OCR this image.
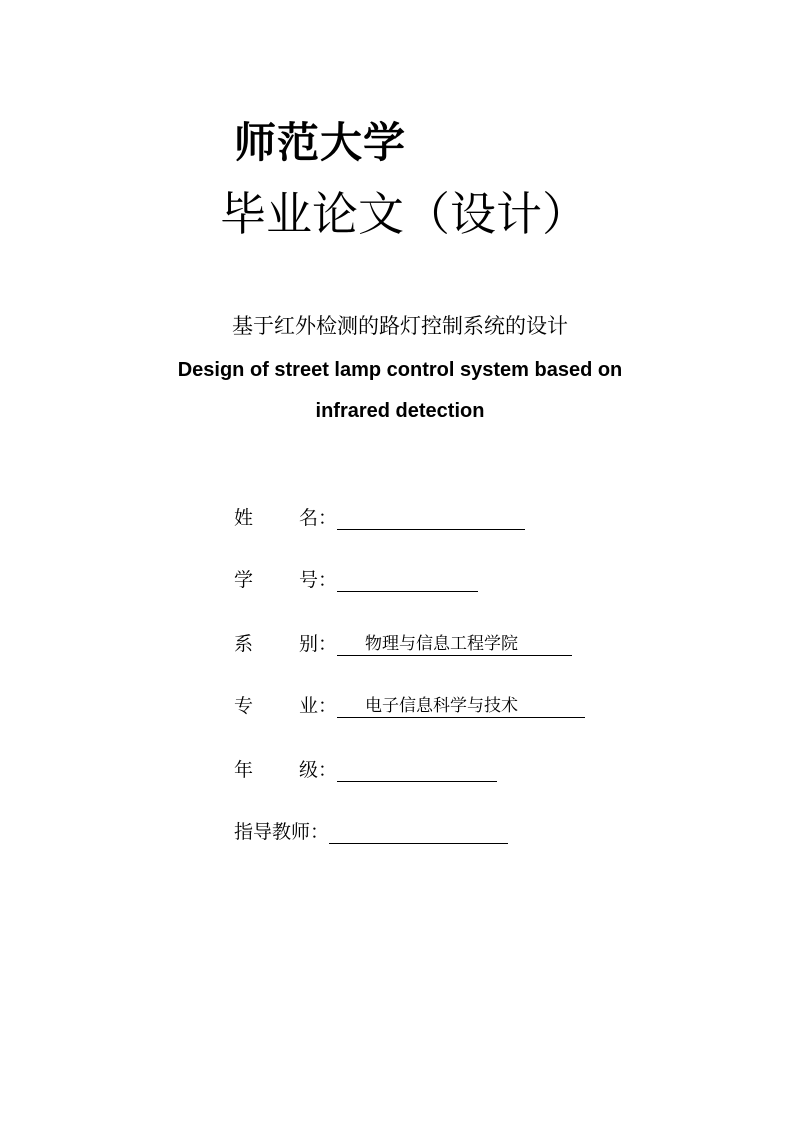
师范大学
毕业论文（设计）
基于红外检测的路灯控制系统的设计
Design of street lamp control system based on
infrared detection
姓名：
学号：
系别： 物理与信息工程学院
专业： 电子信息科学与技术
年级：
指导教师：
